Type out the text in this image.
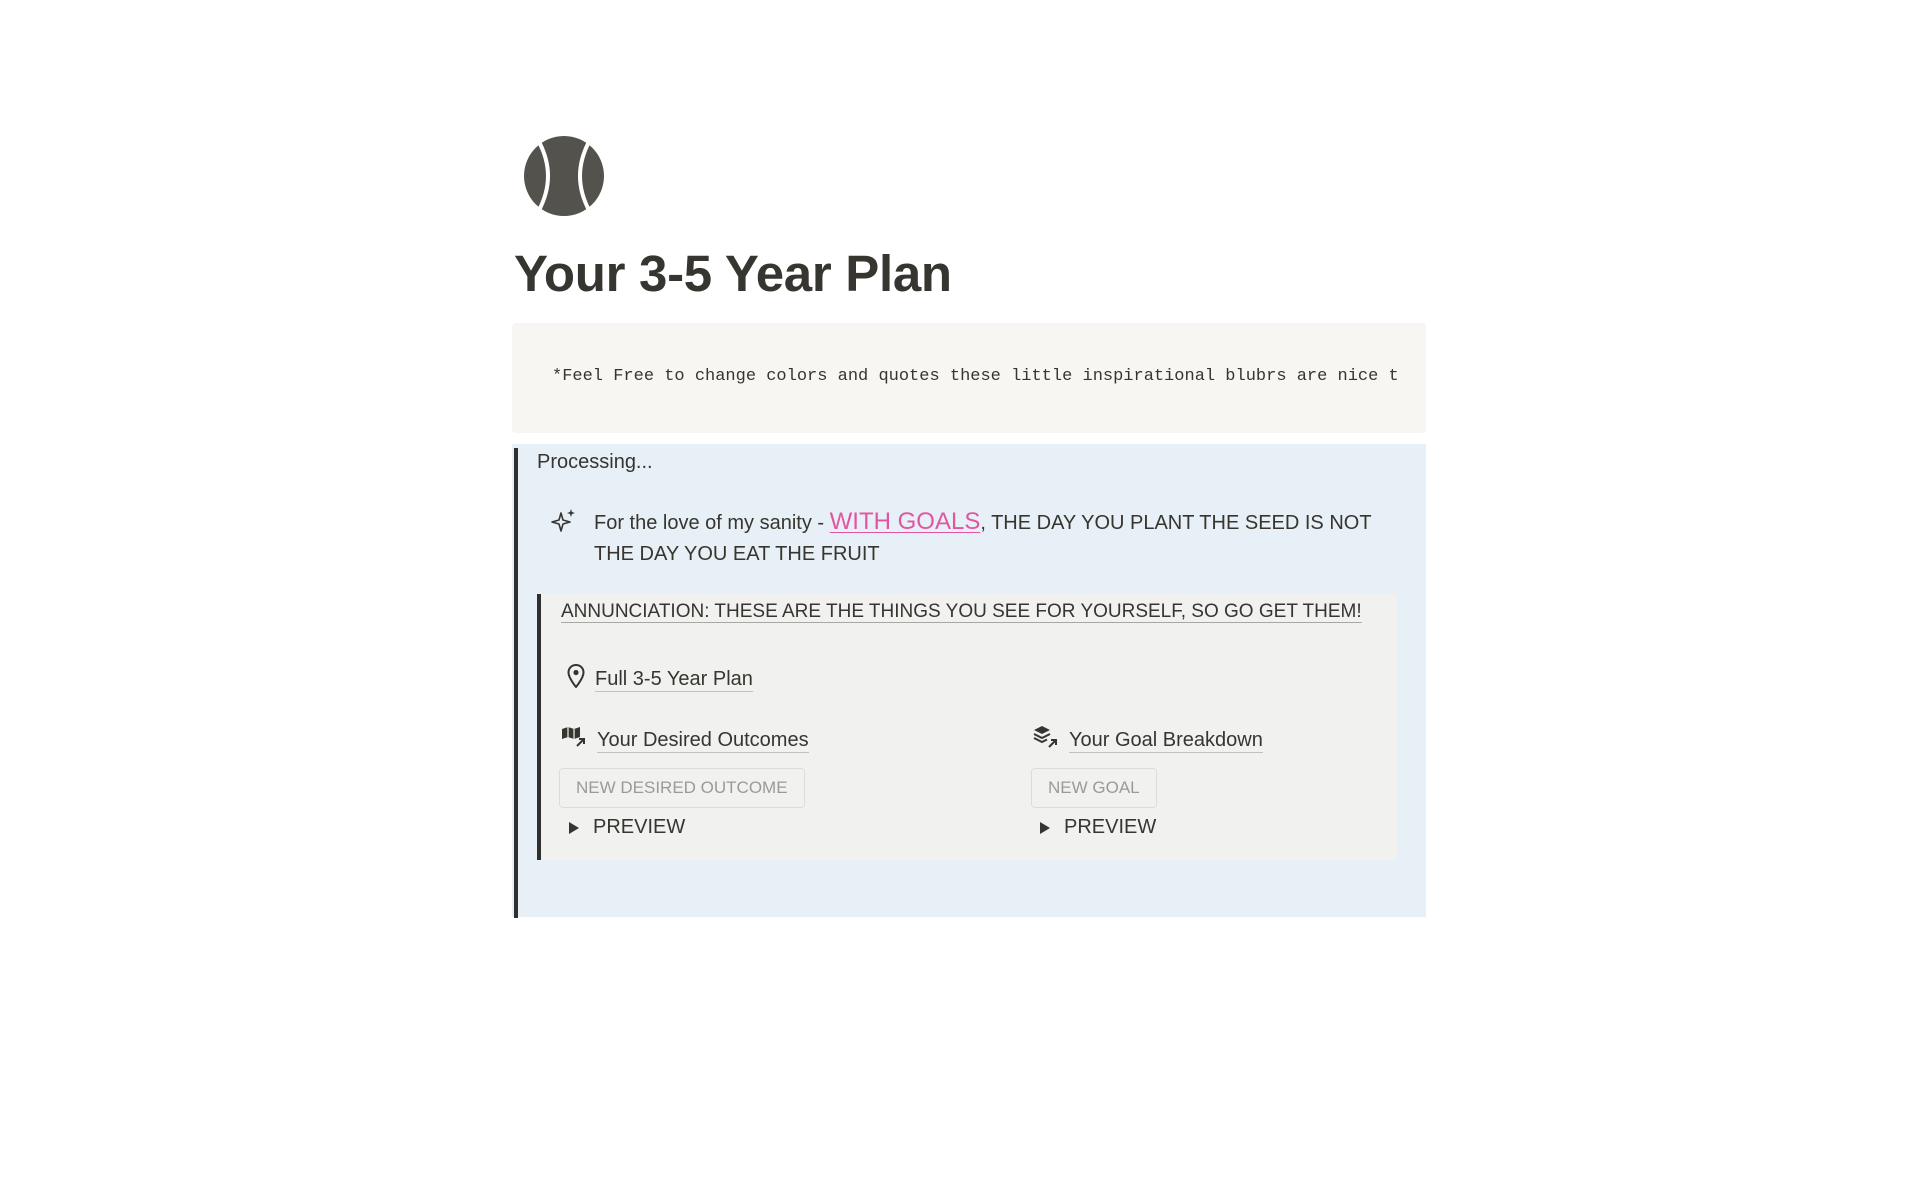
Your 3-5 Year Plan
*Feel Free to change colors and quotes these little inspirational blubrs are nice t
Processing...
For the love of my sanity - WITH GOALS, THE DAY YOU PLANT THE SEED IS NOT THE DAY YOU EAT THE FRUIT
ANNUNCIATION: THESE ARE THE THINGS YOU SEE FOR YOURSELF, SO GO GET THEM!
Full 3-5 Year Plan
Your Desired Outcomes	Your Goal Breakdown
NEW DESIRED OUTCOME	NEW GOAL
PREVIEW	PREVIEW
